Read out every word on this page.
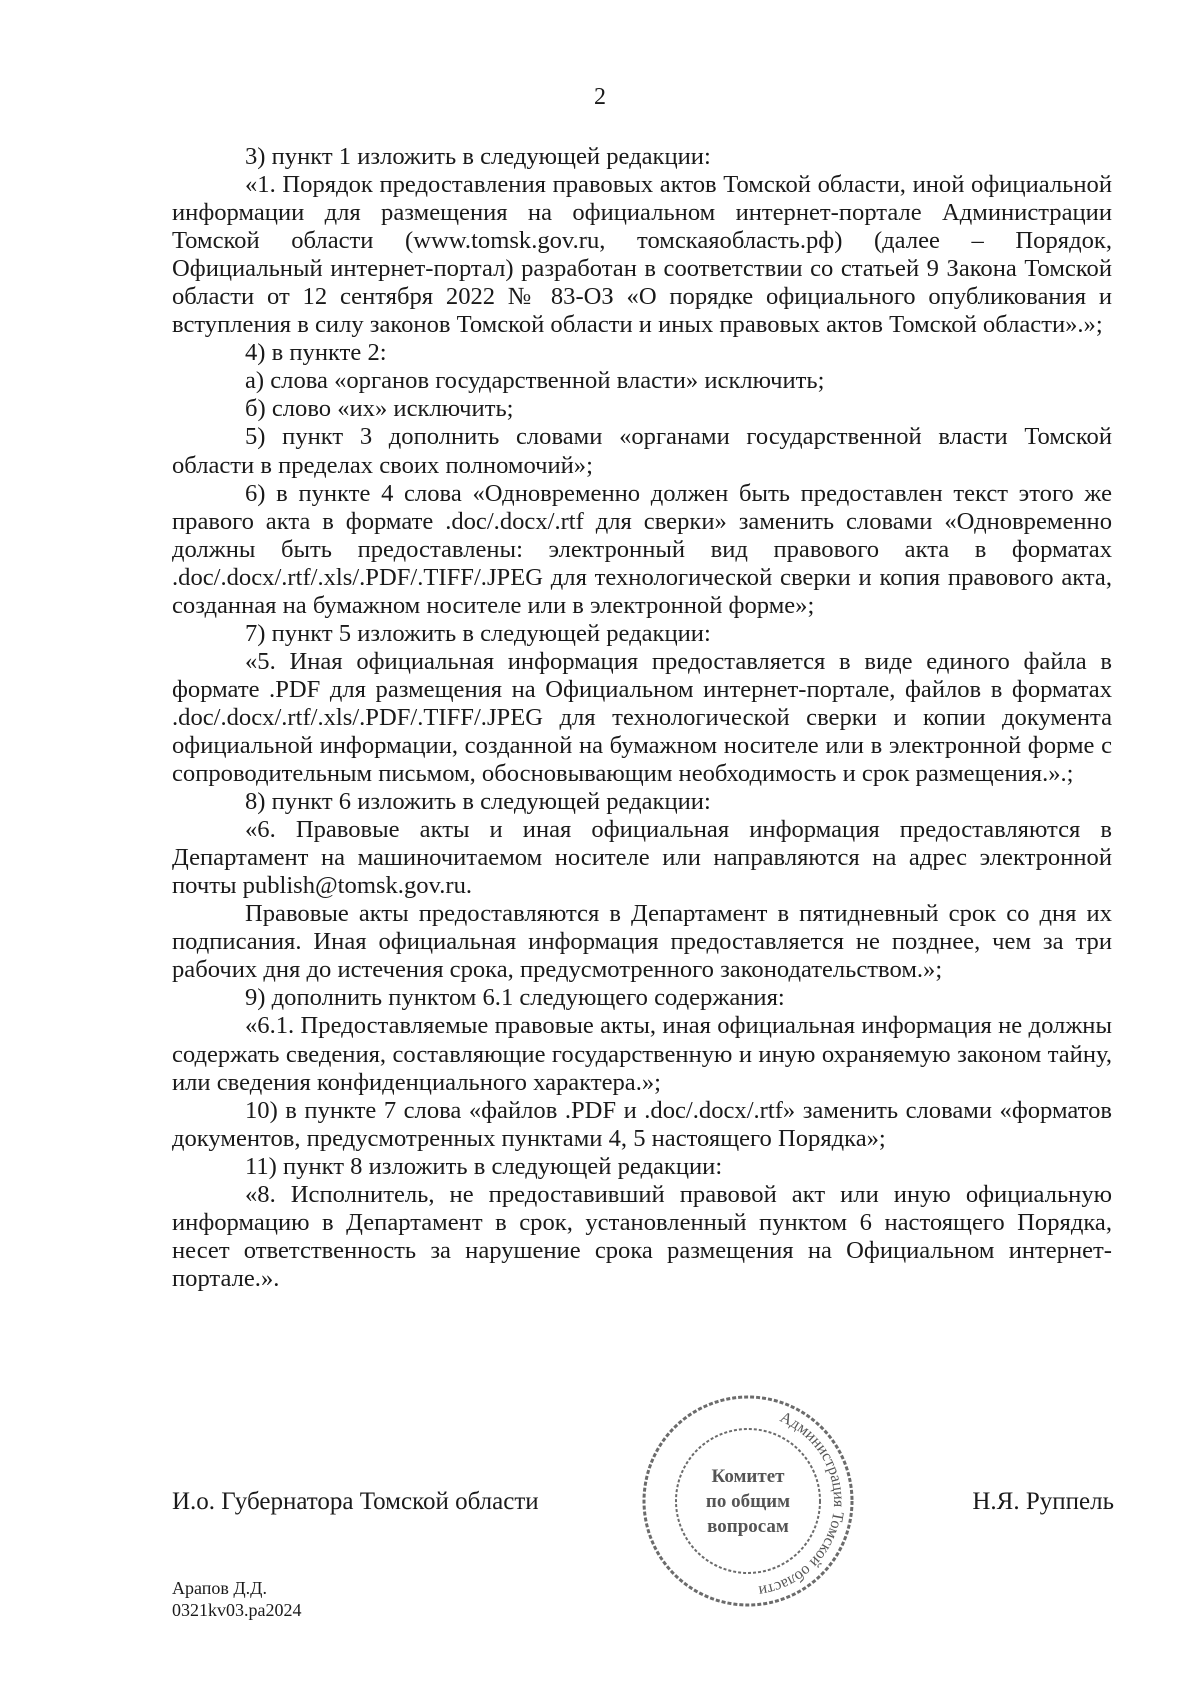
2

3) пункт 1 изложить в следующей редакции:

«1. Порядок предоставления правовых актов Томской области, иной официальной информации для размещения на официальном интернет-портале Администрации Томской области (www.tomsk.gov.ru, томскаяобласть.рф) (далее – Порядок, Официальный интернет-портал) разработан в соответствии со статьей 9 Закона Томской области от 12 сентября 2022 № 83-ОЗ «О порядке официального опубликования и вступления в силу законов Томской области и иных правовых актов Томской области».»;

4) в пункте 2:

а) слова «органов государственной власти» исключить;

б) слово «их» исключить;

5) пункт 3 дополнить словами «органами государственной власти Томской области в пределах своих полномочий»;

6) в пункте 4 слова «Одновременно должен быть предоставлен текст этого же правого акта в формате .doc/.docx/.rtf для сверки» заменить словами «Одновременно должны быть предоставлены: электронный вид правового акта в форматах .doc/.docx/.rtf/.xls/.PDF/.TIFF/.JPEG для технологической сверки и копия правового акта, созданная на бумажном носителе или в электронной форме»;

7) пункт 5 изложить в следующей редакции:

«5. Иная официальная информация предоставляется в виде единого файла в формате .PDF для размещения на Официальном интернет-портале, файлов в форматах .doc/.docx/.rtf/.xls/.PDF/.TIFF/.JPEG для технологической сверки и копии документа официальной информации, созданной на бумажном носителе или в электронной форме с сопроводительным письмом, обосновывающим необходимость и срок размещения.».;

8) пункт 6 изложить в следующей редакции:

«6. Правовые акты и иная официальная информация предоставляются в Департамент на машиночитаемом носителе или направляются на адрес электронной почты publish@tomsk.gov.ru.

Правовые акты предоставляются в Департамент в пятидневный срок со дня их подписания. Иная официальная информация предоставляется не позднее, чем за три рабочих дня до истечения срока, предусмотренного законодательством.»;

9) дополнить пунктом 6.1 следующего содержания:

«6.1. Предоставляемые правовые акты, иная официальная информация не должны содержать сведения, составляющие государственную и иную охраняемую законом тайну, или сведения конфиденциального характера.»;

10) в пункте 7 слова «файлов .PDF и .doc/.docx/.rtf» заменить словами «форматов документов, предусмотренных пунктами 4, 5 настоящего Порядка»;

11) пункт 8 изложить в следующей редакции:

«8. Исполнитель, не предоставивший правовой акт или иную официальную информацию в Департамент в срок, установленный пунктом 6 настоящего Порядка, несет ответственность за нарушение срока размещения на Официальном интернет-портале.».

И.о. Губернатора Томской области	Н.Я. Руппель
Администрация Томской области
Комитет
по общим
вопросам
Арапов Д.Д.
0321kv03.pa2024
